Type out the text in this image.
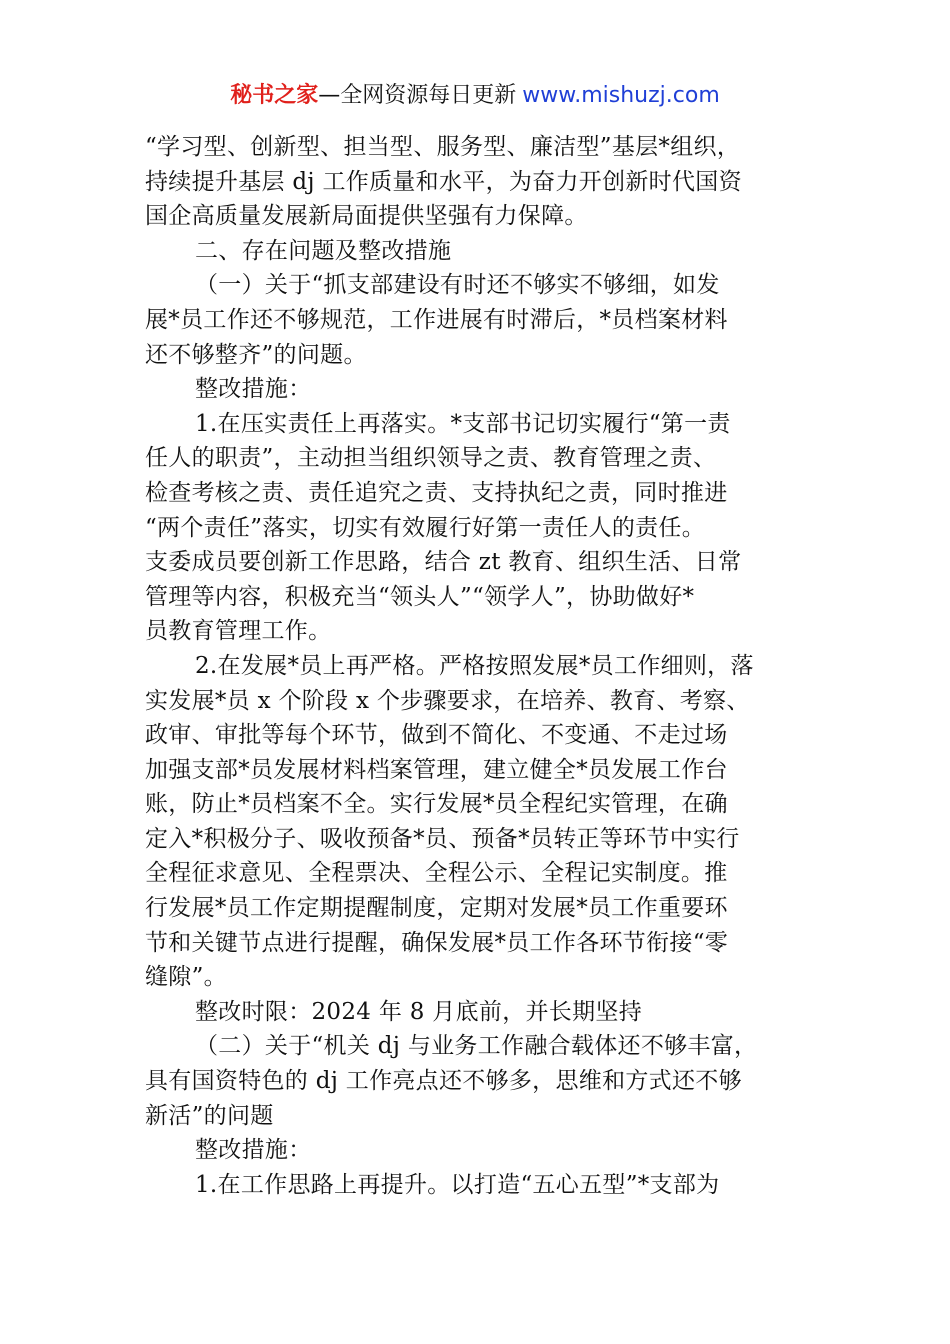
秘书之家—全网资源每日更新 www.mishuzj.com
“学习型、创新型、担当型、服务型、廉洁型”基层*组织，
持续提升基层 dj 工作质量和水平，为奋力开创新时代国资
国企高质量发展新局面提供坚强有力保障。
二、存在问题及整改措施
（一）关于“抓支部建设有时还不够实不够细，如发
展*员工作还不够规范，工作进展有时滞后，*员档案材料
还不够整齐”的问题。
整改措施：
1.在压实责任上再落实。*支部书记切实履行“第一责
任人的职责”，主动担当组织领导之责、教育管理之责、
检查考核之责、责任追究之责、支持执纪之责，同时推进
“两个责任”落实，切实有效履行好第一责任人的责任。
支委成员要创新工作思路，结合 zt 教育、组织生活、日常
管理等内容，积极充当“领头人”“领学人”，协助做好*
员教育管理工作。
2.在发展*员上再严格。严格按照发展*员工作细则，落
实发展*员 x 个阶段 x 个步骤要求，在培养、教育、考察、
政审、审批等每个环节，做到不简化、不变通、不走过场
加强支部*员发展材料档案管理，建立健全*员发展工作台
账，防止*员档案不全。实行发展*员全程纪实管理，在确
定入*积极分子、吸收预备*员、预备*员转正等环节中实行
全程征求意见、全程票决、全程公示、全程记实制度。推
行发展*员工作定期提醒制度，定期对发展*员工作重要环
节和关键节点进行提醒，确保发展*员工作各环节衔接“零
缝隙”。
整改时限：2024 年 8 月底前，并长期坚持
（二）关于“机关 dj 与业务工作融合载体还不够丰富，
具有国资特色的 dj 工作亮点还不够多，思维和方式还不够
新活”的问题
整改措施：
1.在工作思路上再提升。以打造“五心五型”*支部为
